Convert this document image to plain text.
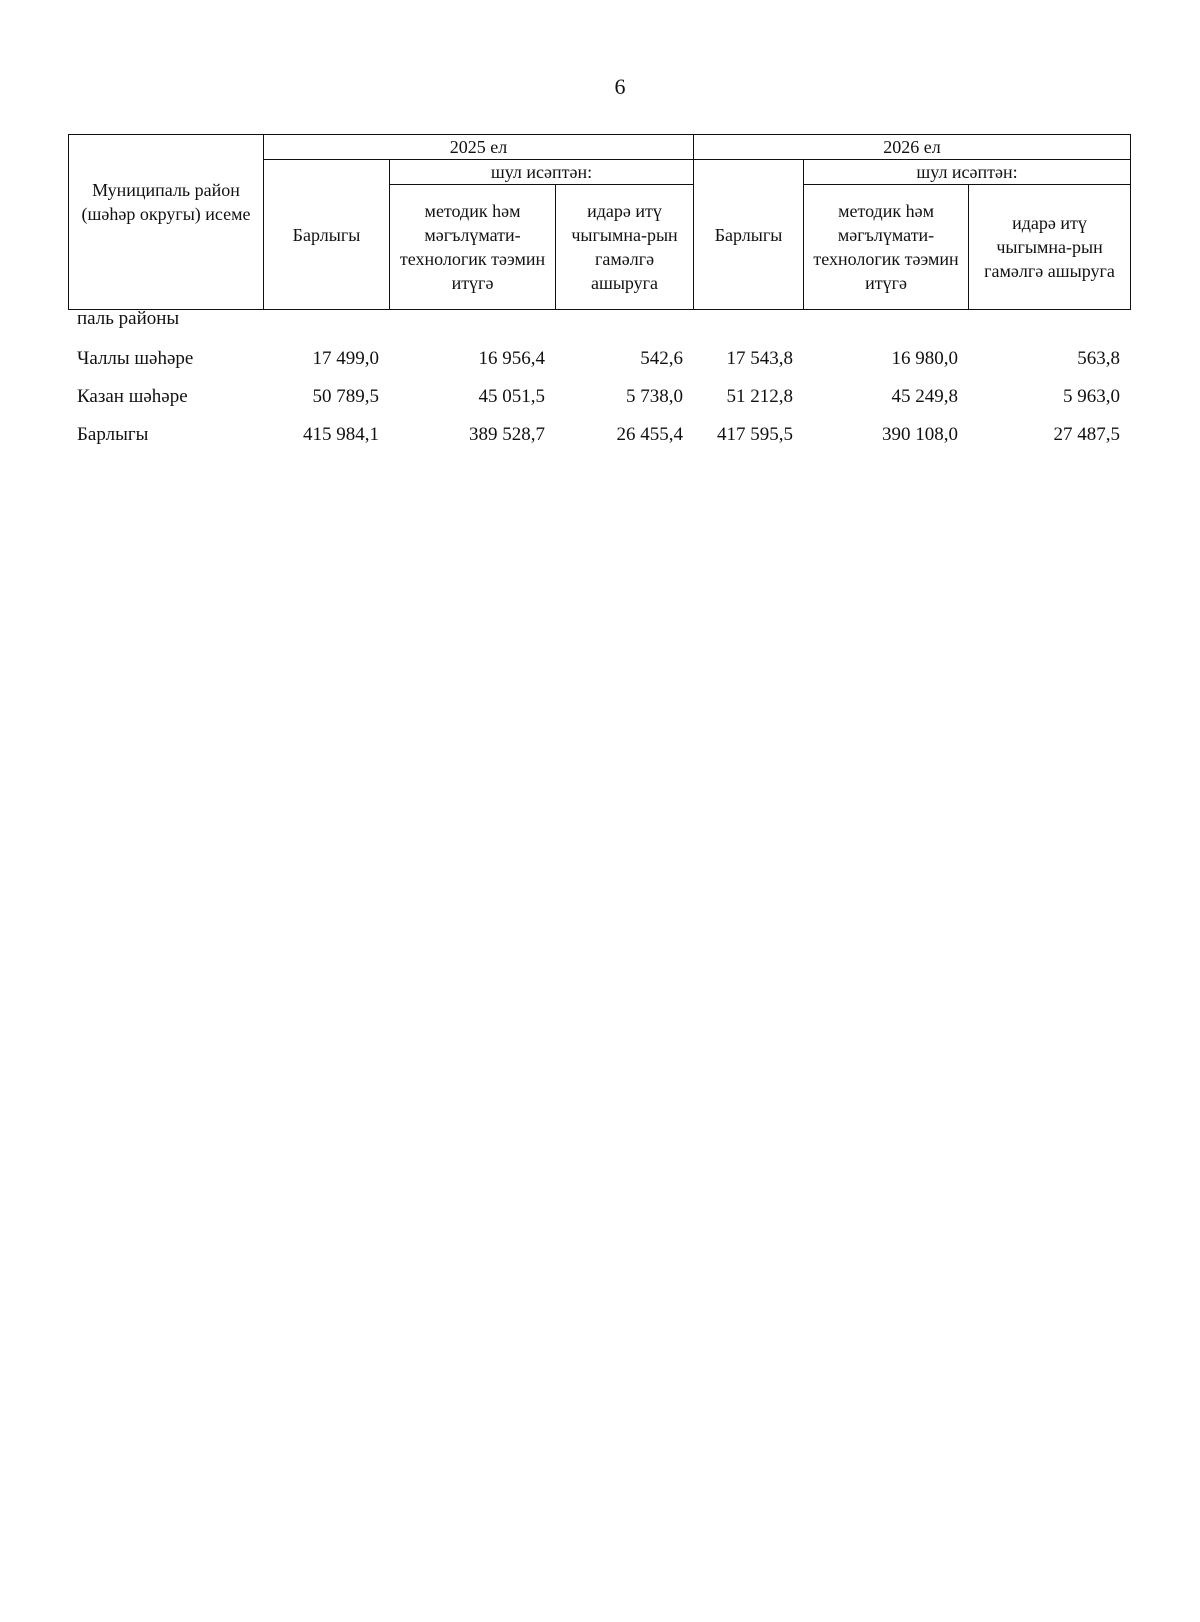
6
Муниципаль район (шәһәр округы) исеме	2025 ел			2026 ел		
	Барлыгы	шул исәптән:		Барлыгы	шул исәптән:	
		методик һәм мәгълүмати-технологик тәэмин итүгә	идарә итү чыгымна-рын гамәлгә ашыруга		методик һәм мәгълүмати-технологик тәэмин итүгә	идарә итү чыгымна-рын гамәлгә ашыруга
паль районы
Чаллы шәһәре	17 499,0	16 956,4	542,6	17 543,8	16 980,0	563,8
Казан шәһәре	50 789,5	45 051,5	5 738,0	51 212,8	45 249,8	5 963,0
Барлыгы	415 984,1	389 528,7	26 455,4	417 595,5	390 108,0	27 487,5
